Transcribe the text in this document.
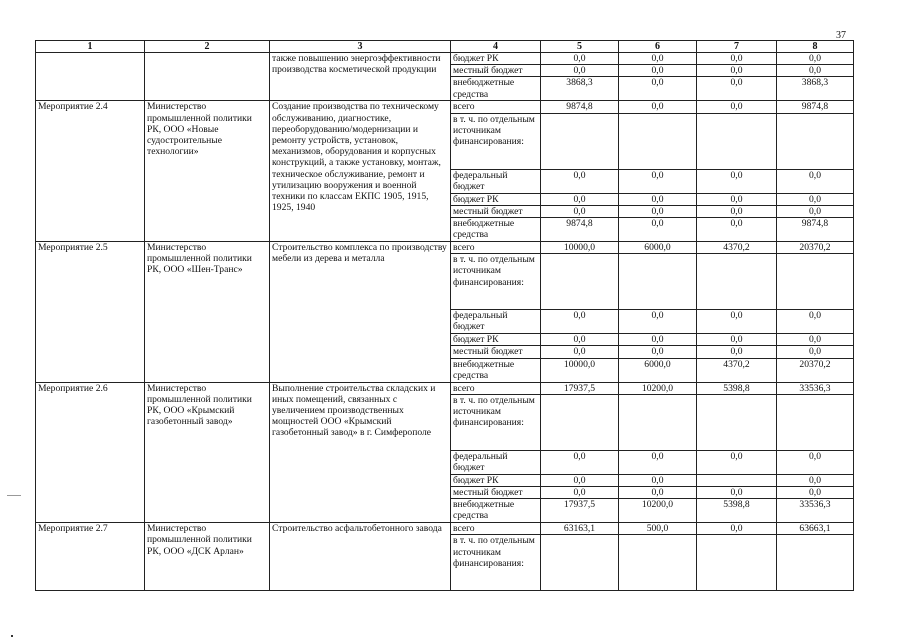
37
1	2	3	4	5	6	7	8
		также повышению энергоэффективности производства косметической продукции	бюджет РК	0,0	0,0	0,0	0,0
			местный бюджет	0,0	0,0	0,0	0,0
			внебюджетные средства	3868,3	0,0	0,0	3868,3
Мероприятие 2.4	Министерство промышленной политики РК, ООО «Новые судостроительные технологии»	Создание производства по техническому обслуживанию, диагностике, переоборудованию/модернизации и ремонту устройств, установок, механизмов, оборудования и корпусных конструкций, а также установку, монтаж, техническое обслуживание, ремонт и утилизацию вооружения и военной техники по классам ЕКПС 1905, 1915, 1925, 1940	всего	9874,8	0,0	0,0	9874,8
			в т. ч. по отдельным источникам финансирования:				
			федеральный бюджет	0,0	0,0	0,0	0,0
			бюджет РК	0,0	0,0	0,0	0,0
			местный бюджет	0,0	0,0	0,0	0,0
			внебюджетные средства	9874,8	0,0	0,0	9874,8
Мероприятие 2.5	Министерство промышленной политики РК, ООО «Шен-Транс»	Строительство комплекса по производству мебели из дерева и металла	всего	10000,0	6000,0	4370,2	20370,2
			в т. ч. по отдельным источникам финансирования:				
			федеральный бюджет	0,0	0,0	0,0	0,0
			бюджет РК	0,0	0,0	0,0	0,0
			местный бюджет	0,0	0,0	0,0	0,0
			внебюджетные средства	10000,0	6000,0	4370,2	20370,2
Мероприятие 2.6	Министерство промышленной политики РК, ООО «Крымский газобетонный завод»	Выполнение строительства складских и иных помещений, связанных с увеличением производственных мощностей ООО «Крымский газобетонный завод» в г. Симферополе	всего	17937,5	10200,0	5398,8	33536,3
			в т. ч. по отдельным источникам финансирования:				
			федеральный бюджет	0,0	0,0	0,0	0,0
			бюджет РК	0,0	0,0		0,0
			местный бюджет	0,0	0,0	0,0	0,0
			внебюджетные средства	17937,5	10200,0	5398,8	33536,3
Мероприятие 2.7	Министерство промышленной политики РК, ООО «ДСК Арлан»	Строительство асфальтобетонного завода	всего	63163,1	500,0	0,0	63663,1
			в т. ч. по отдельным источникам финансирования:				
